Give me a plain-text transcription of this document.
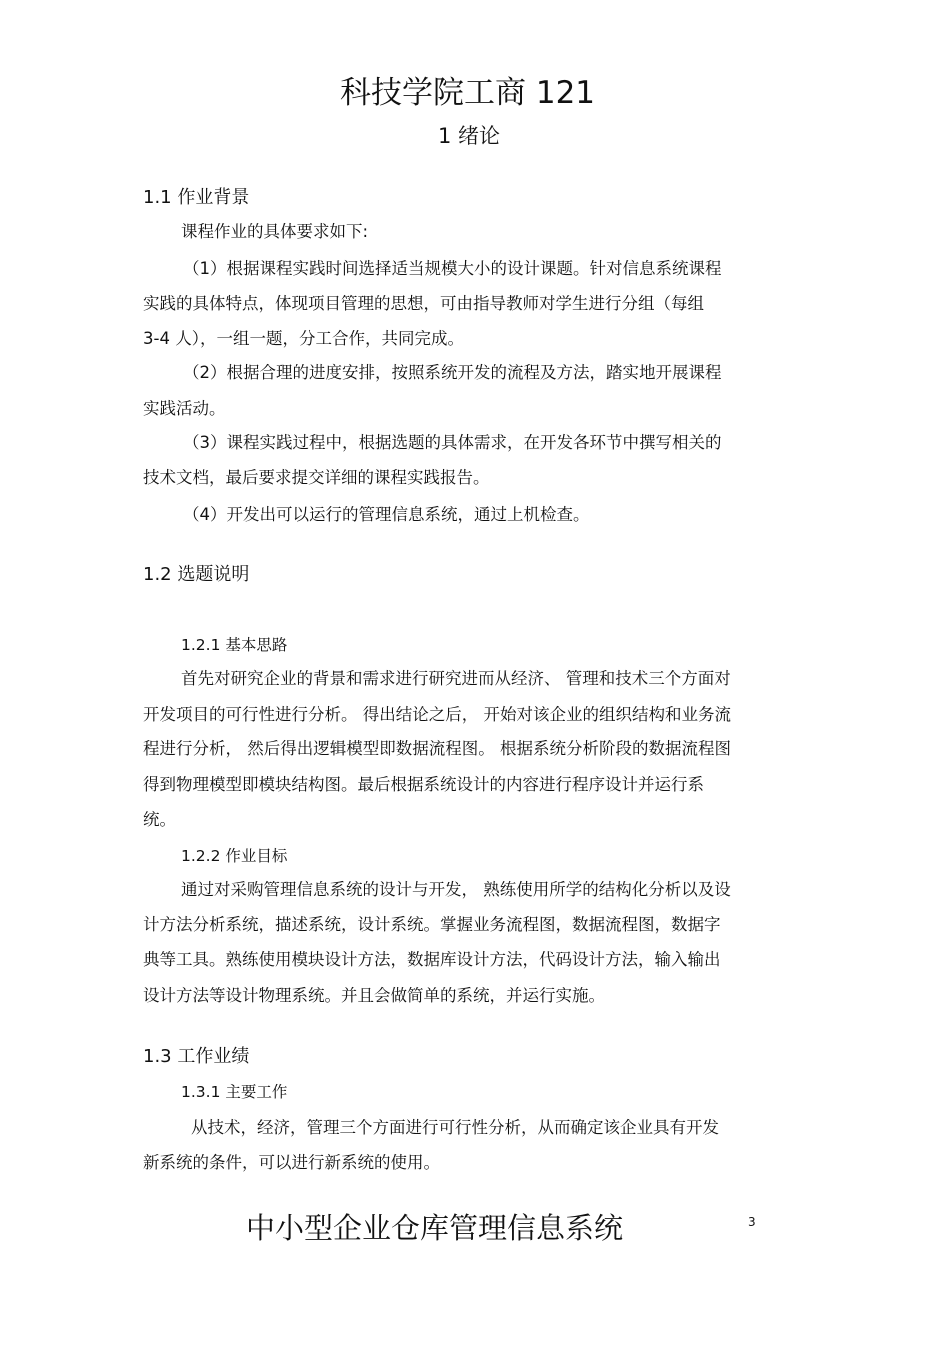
科技学院工商 121
1 绪论
1.1 作业背景
课程作业的具体要求如下:
（1）根据课程实践时间选择适当规模大小的设计课题。针对信息系统课程
实践的具体特点，体现项目管理的思想，可由指导教师对学生进行分组（每组
3-4 人），一组一题，分工合作，共同完成。
（2）根据合理的进度安排，按照系统开发的流程及方法，踏实地开展课程
实践活动。
（3）课程实践过程中，根据选题的具体需求，在开发各环节中撰写相关的
技术文档，最后要求提交详细的课程实践报告。
（4）开发出可以运行的管理信息系统，通过上机检查。
1.2 选题说明
1.2.1 基本思路
首先对研究企业的背景和需求进行研究进而从经济、 管理和技术三个方面对
开发项目的可行性进行分析。 得出结论之后， 开始对该企业的组织结构和业务流
程进行分析， 然后得出逻辑模型即数据流程图。 根据系统分析阶段的数据流程图
得到物理模型即模块结构图。最后根据系统设计的内容进行程序设计并运行系
统。
1.2.2 作业目标
通过对采购管理信息系统的设计与开发， 熟练使用所学的结构化分析以及设
计方法分析系统，描述系统，设计系统。掌握业务流程图，数据流程图，数据字
典等工具。熟练使用模块设计方法，数据库设计方法，代码设计方法，输入输出
设计方法等设计物理系统。并且会做简单的系统，并运行实施。
1.3 工作业绩
1.3.1 主要工作
从技术，经济，管理三个方面进行可行性分析，从而确定该企业具有开发
新系统的条件，可以进行新系统的使用。
中小型企业仓库管理信息系统	3
